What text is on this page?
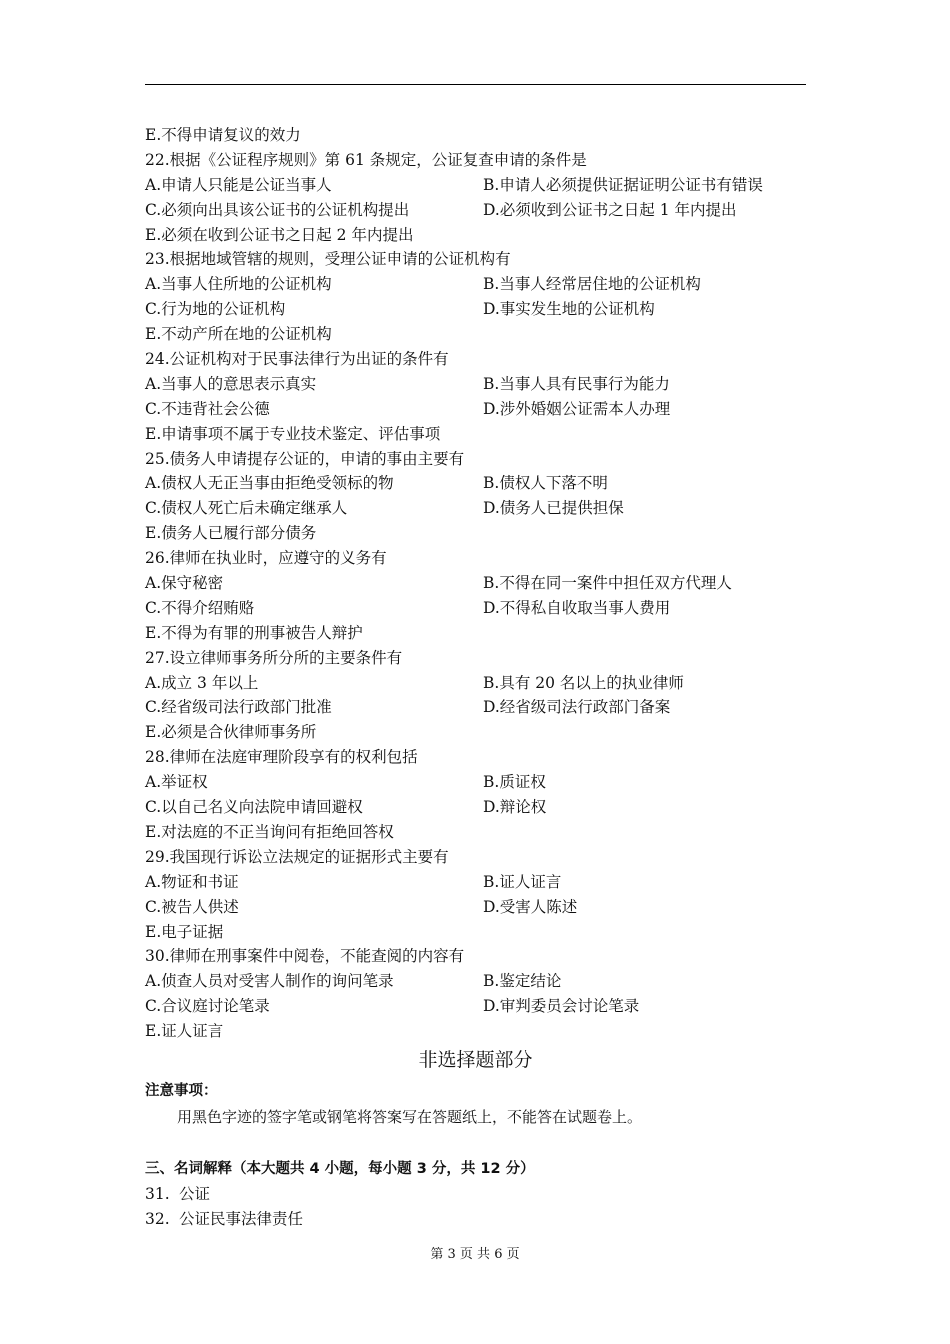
E.不得申请复议的效力
22.根据《公证程序规则》第 61 条规定，公证复查申请的条件是
A.申请人只能是公证当事人	B.申请人必须提供证据证明公证书有错误
C.必须向出具该公证书的公证机构提出	D.必须收到公证书之日起 1 年内提出
E.必须在收到公证书之日起 2 年内提出
23.根据地域管辖的规则，受理公证申请的公证机构有
A.当事人住所地的公证机构	B.当事人经常居住地的公证机构
C.行为地的公证机构	D.事实发生地的公证机构
E.不动产所在地的公证机构
24.公证机构对于民事法律行为出证的条件有
A.当事人的意思表示真实	B.当事人具有民事行为能力
C.不违背社会公德	D.涉外婚姻公证需本人办理
E.申请事项不属于专业技术鉴定、评估事项
25.债务人申请提存公证的，申请的事由主要有
A.债权人无正当事由拒绝受领标的物	B.债权人下落不明
C.债权人死亡后未确定继承人	D.债务人已提供担保
E.债务人已履行部分债务
26.律师在执业时，应遵守的义务有
A.保守秘密	B.不得在同一案件中担任双方代理人
C.不得介绍贿赂	D.不得私自收取当事人费用
E.不得为有罪的刑事被告人辩护
27.设立律师事务所分所的主要条件有
A.成立 3 年以上	B.具有 20 名以上的执业律师
C.经省级司法行政部门批准	D.经省级司法行政部门备案
E.必须是合伙律师事务所
28.律师在法庭审理阶段享有的权利包括
A.举证权	B.质证权
C.以自己名义向法院申请回避权	D.辩论权
E.对法庭的不正当询问有拒绝回答权
29.我国现行诉讼立法规定的证据形式主要有
A.物证和书证	B.证人证言
C.被告人供述	D.受害人陈述
E.电子证据
30.律师在刑事案件中阅卷，不能查阅的内容有
A.侦查人员对受害人制作的询问笔录	B.鉴定结论
C.合议庭讨论笔录	D.审判委员会讨论笔录
E.证人证言
非选择题部分
注意事项：
用黑色字迹的签字笔或钢笔将答案写在答题纸上，不能答在试题卷上。
三、名词解释（本大题共 4 小题，每小题 3 分，共 12 分）
31. 公证
32. 公证民事法律责任
第 3 页 共 6 页
